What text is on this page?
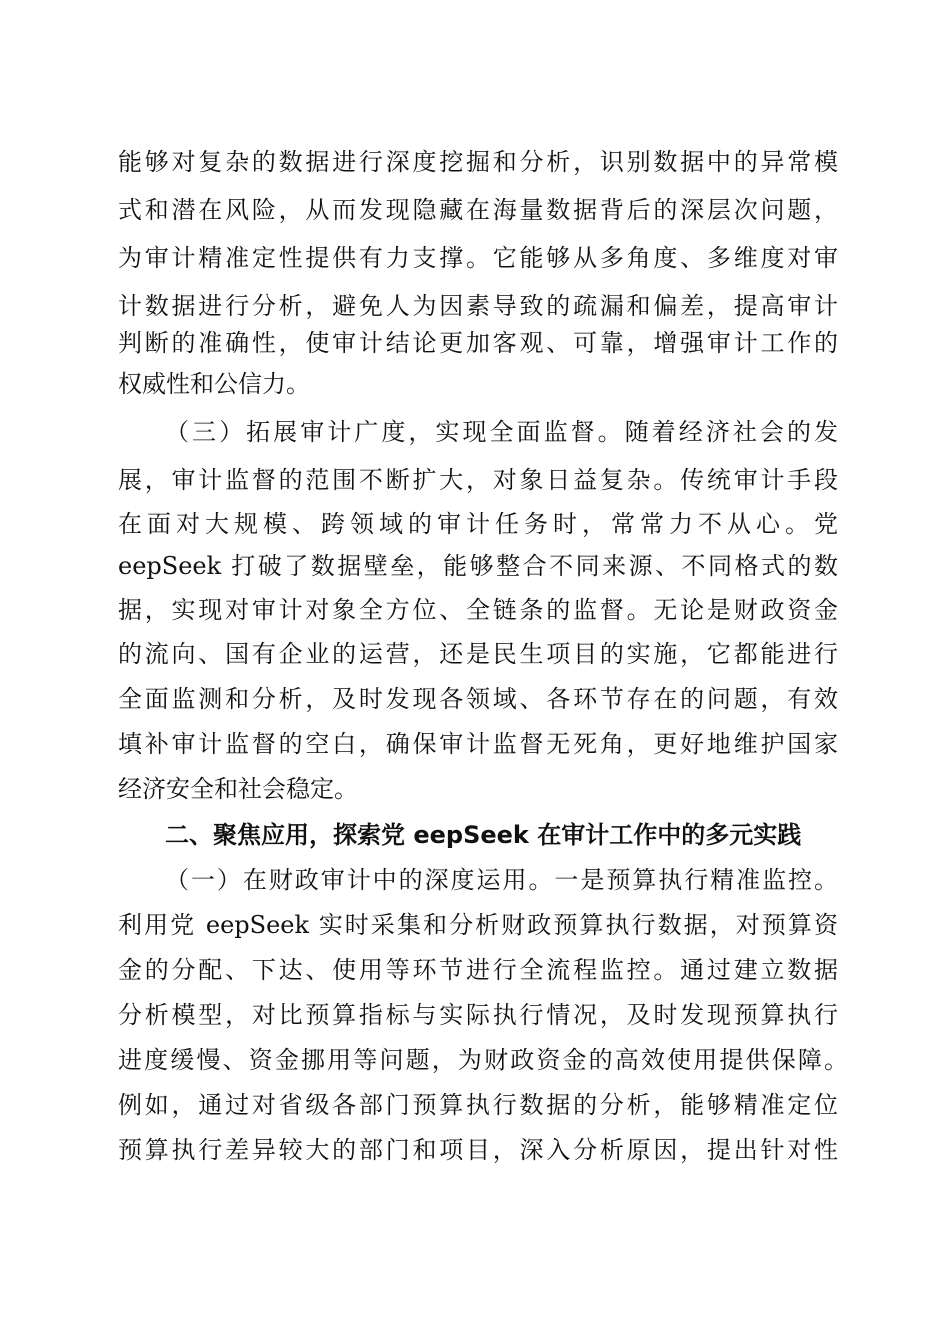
能够对复杂的数据进行深度挖掘和分析，识别数据中的异常模
式和潜在风险，从而发现隐藏在海量数据背后的深层次问题，
为审计精准定性提供有力支撑。它能够从多角度、多维度对审
计数据进行分析，避免人为因素导致的疏漏和偏差，提高审计
判断的准确性，使审计结论更加客观、可靠，增强审计工作的
权威性和公信力。
（三）拓展审计广度，实现全面监督。随着经济社会的发
展，审计监督的范围不断扩大，对象日益复杂。传统审计手段
在面对大规模、跨领域的审计任务时，常常力不从心。党
eepSeek 打破了数据壁垒，能够整合不同来源、不同格式的数
据，实现对审计对象全方位、全链条的监督。无论是财政资金
的流向、国有企业的运营，还是民生项目的实施，它都能进行
全面监测和分析，及时发现各领域、各环节存在的问题，有效
填补审计监督的空白，确保审计监督无死角，更好地维护国家
经济安全和社会稳定。
二、聚焦应用，探索党 eepSeek 在审计工作中的多元实践
（一）在财政审计中的深度运用。一是预算执行精准监控。
利用党 eepSeek 实时采集和分析财政预算执行数据，对预算资
金的分配、下达、使用等环节进行全流程监控。通过建立数据
分析模型，对比预算指标与实际执行情况，及时发现预算执行
进度缓慢、资金挪用等问题，为财政资金的高效使用提供保障。
例如，通过对省级各部门预算执行数据的分析，能够精准定位
预算执行差异较大的部门和项目，深入分析原因，提出针对性
